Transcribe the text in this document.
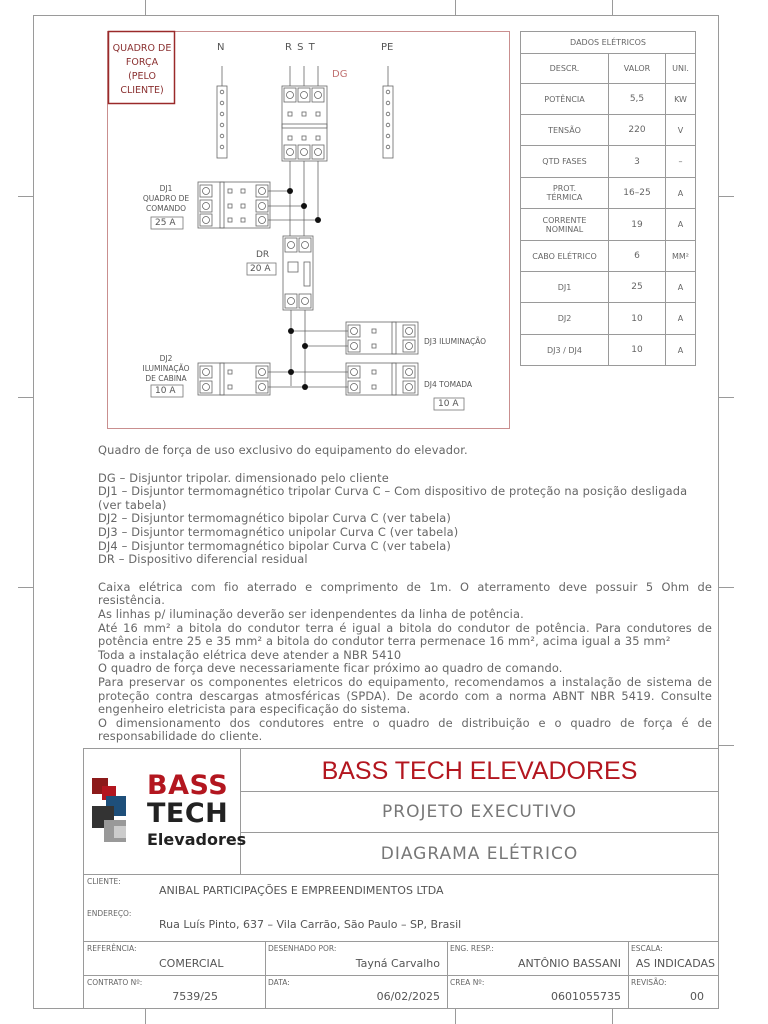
QUADRO DE
FORÇA
(PELO
CLIENTE)
N	R S T	PE
DG
DJ1
QUADRO DE
COMANDO
25 A
DR
20 A
DJ3 ILUMINAÇÃO
DJ2
ILUMINAÇÃO
DE CABINA
10 A
DJ4 TOMADA
10 A
DADOS ELÉTRICOS		
DESCR.	VALOR	UNI.
POTÊNCIA	5,5	KW
TENSÃO	220	V
QTD FASES	3	–
PROT. TÉRMICA	16–25	A
CORRENTE NOMINAL	19	A
CABO ELÉTRICO	6	MM²
DJ1	25	A
DJ2	10	A
DJ3 / DJ4	10	A

Quadro de força de uso exclusivo do equipamento do elevador.

DG – Disjuntor tripolar. dimensionado pelo cliente

DJ1 – Disjuntor termomagnético tripolar Curva C – Com dispositivo de proteção na posição desligada (ver tabela)

DJ2 – Disjuntor termomagnético bipolar Curva C (ver tabela)

DJ3 – Disjuntor termomagnético unipolar Curva C (ver tabela)

DJ4 – Disjuntor termomagnético bipolar Curva C (ver tabela)

DR – Dispositivo diferencial residual

Caixa elétrica com fio aterrado e comprimento de 1m. O aterramento deve possuir 5 Ohm de resistência.

As linhas p/ iluminação deverão ser idenpendentes da linha de potência.

Até 16 mm² a bitola do condutor terra é igual a bitola do condutor de potência. Para condutores de potência entre 25 e 35 mm² a bitola do condutor terra permenace 16 mm², acima igual a 35 mm²

Toda a instalação elétrica deve atender a NBR 5410

O quadro de força deve necessariamente ficar próximo ao quadro de comando.

Para preservar os componentes eletricos do equipamento, recomendamos a instalação de sistema de proteção contra descargas atmosféricas (SPDA). De acordo com a norma ABNT NBR 5419. Consulte engenheiro eletricista para especificação do sistema.

O dimensionamento dos condutores entre o quadro de distribuição e o quadro de força é de responsabilidade do cliente.

BASS
TECH
Elevadores
BASS TECH ELEVADORES
PROJETO EXECUTIVO
DIAGRAMA ELÉTRICO
CLIENTE:
ANIBAL PARTICIPAÇÕES E EMPREENDIMENTOS LTDA
ENDEREÇO:
Rua Luís Pinto, 637 – Vila Carrão, São Paulo – SP, Brasil
REFERÊNCIA:
COMERCIAL
DESENHADO POR:
Tayná Carvalho
ENG. RESP.:
ANTÔNIO BASSANI
ESCALA:
AS INDICADAS
CONTRATO Nº:
7539/25
DATA:
06/02/2025
CREA Nº:
0601055735
REVISÃO:
00
